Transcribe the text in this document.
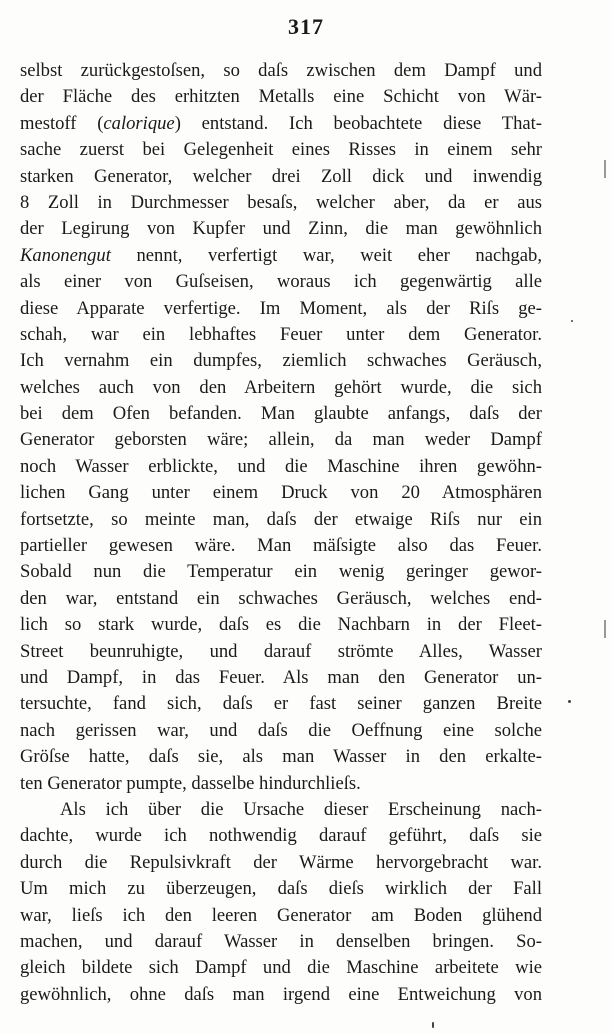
317
selbst zurückgestoſsen, so daſs zwischen dem Dampf und
der Fläche des erhitzten Metalls eine Schicht von Wär-
mestoff (calorique) entstand. Ich beobachtete diese That-
sache zuerst bei Gelegenheit eines Risses in einem sehr
starken Generator, welcher drei Zoll dick und inwendig
8 Zoll in Durchmesser besaſs, welcher aber, da er aus
der Legirung von Kupfer und Zinn, die man gewöhnlich
Kanonengut nennt, verfertigt war, weit eher nachgab,
als einer von Guſseisen, woraus ich gegenwärtig alle
diese Apparate verfertige. Im Moment, als der Riſs ge-
schah, war ein lebhaftes Feuer unter dem Generator.
Ich vernahm ein dumpfes, ziemlich schwaches Geräusch,
welches auch von den Arbeitern gehört wurde, die sich
bei dem Ofen befanden. Man glaubte anfangs, daſs der
Generator geborsten wäre; allein, da man weder Dampf
noch Wasser erblickte, und die Maschine ihren gewöhn-
lichen Gang unter einem Druck von 20 Atmosphären
fortsetzte, so meinte man, daſs der etwaige Riſs nur ein
partieller gewesen wäre. Man mäſsigte also das Feuer.
Sobald nun die Temperatur ein wenig geringer gewor-
den war, entstand ein schwaches Geräusch, welches end-
lich so stark wurde, daſs es die Nachbarn in der Fleet-
Street beunruhigte, und darauf strömte Alles, Wasser
und Dampf, in das Feuer. Als man den Generator un-
tersuchte, fand sich, daſs er fast seiner ganzen Breite
nach gerissen war, und daſs die Oeffnung eine solche
Gröſse hatte, daſs sie, als man Wasser in den erkalte-
ten Generator pumpte, dasselbe hindurchlieſs.
Als ich über die Ursache dieser Erscheinung nach-
dachte, wurde ich nothwendig darauf geführt, daſs sie
durch die Repulsivkraft der Wärme hervorgebracht war.
Um mich zu überzeugen, daſs dieſs wirklich der Fall
war, lieſs ich den leeren Generator am Boden glühend
machen, und darauf Wasser in denselben bringen. So-
gleich bildete sich Dampf und die Maschine arbeitete wie
gewöhnlich, ohne daſs man irgend eine Entweichung von
